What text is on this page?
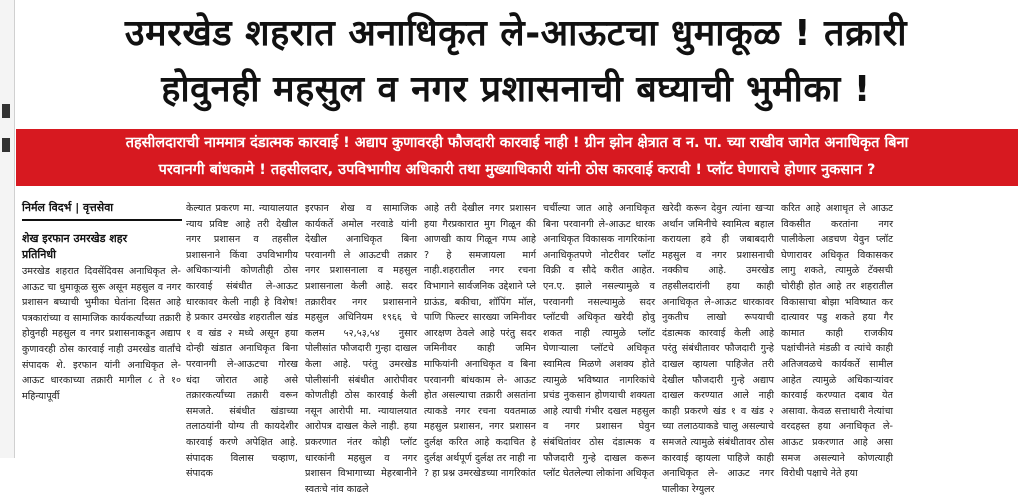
उमरखेड शहरात अनाधिकृत ले-आऊटचा धुमाकूळ ! तक्रारी
होवुनही महसुल व नगर प्रशासनाची बघ्याची भुमीका !
तहसीलदाराची नाममात्र दंडात्मक कारवाई ! अद्याप कुणावरही फौजदारी कारवाई नाही ! ग्रीन झोन क्षेत्रात व न. पा. च्या राखीव जागेत अनाधिकृत बिना
परवानगी बांधकामे ! तहसीलदार, उपविभागीय अधिकारी तथा मुख्याधिकारी यांनी ठोस कारवाई करावी ! प्लॉट घेणाराचे होणार नुकसान ?
निर्मल विदर्भ | वृत्तसेवा
शेख इरफान उमरखेड शहर
प्रतिनिधी
उमरखेड शहरात दिवसेंदिवस अनाधिकृत ले-आऊट चा धुमाकूळ सुरू असून महसुल व नगर प्रशासन बघ्याची भुमीका घेतांना दिसत आहे पत्रकारांच्या व सामाजिक कार्यकर्त्यांच्या तक्रारी होवुनही महसुल व नगर प्रशासनाकडून अद्याप कुणावरही ठोस कारवाई नाही उमरखेड वार्तांचे संपादक शे. इरफान यांनी अनाधिकृत ले-आऊट धारकाच्या तक्रारी मागील ८ ते १० महिन्यापूर्वी
केल्यात प्रकरण मा. न्यायालयात न्याय प्रविष्ट आहे तरी देखील नगर प्रशासन व तहसील प्रशासनाने किंवा उपविभागीय अधिकाऱ्यांनी कोणतीही ठोस कारवाई संबंधीत ले-आऊट धारकावर केली नाही हे विशेष! हे प्रकार उमरखेड शहरातील खंड १ व खंड २ मध्ये असून हया दोन्ही खंडात अनाधिकृत बिना परवानगी ले-आऊटचा गोरख धंदा जोरात आहे असे तक्रारकर्त्यांच्या तक्रारी वरून समजते. संबंधीत खंडाच्या तलाठयांनी योग्य ती कायदेशीर कारवाई करणे अपेक्षित आहे. संपादक विलास चव्हाण, संपादक
इरफान शेख व सामाजिक कार्यकर्ते अमोल नरवाडे यांनी देखील अनाधिकृत बिना परवानगी ले आऊटची तक्रार नगर प्रशासनाला व महसुल प्रशासनाला केली आहे. सदर तक्रारीवर नगर प्रशासनाने महसुल अधिनियम १९६६ चे कलम ५२,५३,५४ नुसार पोलीसांत फौजदारी गुन्हा दाखल केला आहे. परंतु उमरखेड पोलीसांनी संबंधीत आरोपीवर कोणतीही ठोस कारवाई केली नसून आरोपी मा. न्यायालयात आरोपत्र दाखल केले नाही. हया प्रकरणात नंतर कोही प्लॉट धारकांनी महसुल व नगर प्रशासन विभागाच्या मेहरबानीने स्वतःचे नांव काढले
आहे तरी देखील नगर प्रशासन हया गैरप्रकारात मुग गिळून की आणखी काय गिळून गप्प आहे ? हे समजायला मार्ग नाही.शहरातील नगर रचना विभागाने सार्वजनिक उद्देशाने प्ले ग्राऊंड, बकीचा, शॉपिंग मॉल, पाणि फिल्टर सारख्या जमिनीवर आरक्षण ठेवले आहे परंतु सदर जमिनीवर काही जमिन माफियांनी अनाधिकृत व बिना परवानगी बांधकाम ले- आऊट होत असल्याचा तक्रारी असतांना त्याकडे नगर रचना यवतमाळ महसुल प्रशासन, नगर प्रशासन दुर्लक्ष करित आहे कदाचित हे दुर्लक्ष अर्थपूर्ण दुर्लक्ष तर नाही ना ? हा प्रश्न उमरखेडच्या नागरिकांत
चर्चील्या जात आहे अनाधिकृत बिना परवानगी ले-आऊट धारक अनाधिकृत विकासक नागरिकांना अनाधिकृतपणे नोटरीवर प्लॉट विक्री व सौदे करीत आहेत. एन.ए. झाले नसल्यामुळे व परवानगी नसल्यामुळे सदर प्लॉटची अधिकृत खरेदी होवु शकत नाही त्यामुळे प्लॉट घेणाऱ्याला प्लॉटचे अधिकृत स्वामित्व मिळणे अशक्य होते त्यामुळे भविष्यात नागरिकांचे प्रचंड नुकसान होणयाची शक्यता आहे त्याची गंभीर दखल महसुल व नगर प्रशासन घेवुन संबंधितांवर ठोस दंडात्मक व फौजदारी गुन्हे दाखल करून प्लॉट घेतलेल्या लोकांना अधिकृत
खरेदी करून देवुन त्यांना खऱ्या अर्थान जमिनीचे स्वामित्व बहाल करायला हवे ही जबाबदारी महसुल व नगर प्रशासनाची नक्कीच आहे. उमरखेड तहसीलदारांनी हया काही अनाधिकृत ले-आऊट धारकावर नुकतीच लाखो रूपयाची दंडात्मक कारवाई केली आहे परंतु संबंधीतावर फौजदारी गुन्हे दाखल व्हायला पाहिजेत तरी देखील फौजदारी गुन्हे अद्याप दाखल करण्यात आले नाही काही प्रकरणे खंड १ व खंड २ च्या तलाठयाकडे चालु असल्याचे समजते त्यामुळे संबंधीतावर ठोस कारवाई व्हायला पाहिजे काही अनाधिकृत ले- आऊट नगर पालीका रेग्युलर
करित आहे अशाधृत ले आऊट विकसीत करतांना नगर पालीकेला अडचण येवुन प्लॉट घेणारावर अधिकृत विकासकर लागु शकते, त्यामुळे टॅक्सची चोरीही होत आहे तर शहरातील विकासाचा बोझा भविष्यात कर दात्यावर पडु शकते हया गैर कामात काही राजकीय पक्षांचीनंते मंडळी व त्यांचे काही अतिजवळचे कार्यकर्ते सामील आहेत त्यामुळे अधिकाऱ्यांवर कारवाई करण्यात दबाव येत असावा. केवळ सत्ताधारी नेत्यांचा वरदहस्त हया अनाधिकृत ले-आऊट प्रकरणात आहे असा समज असल्याने कोणत्याही विरोधी पक्षाचे नेते हया
